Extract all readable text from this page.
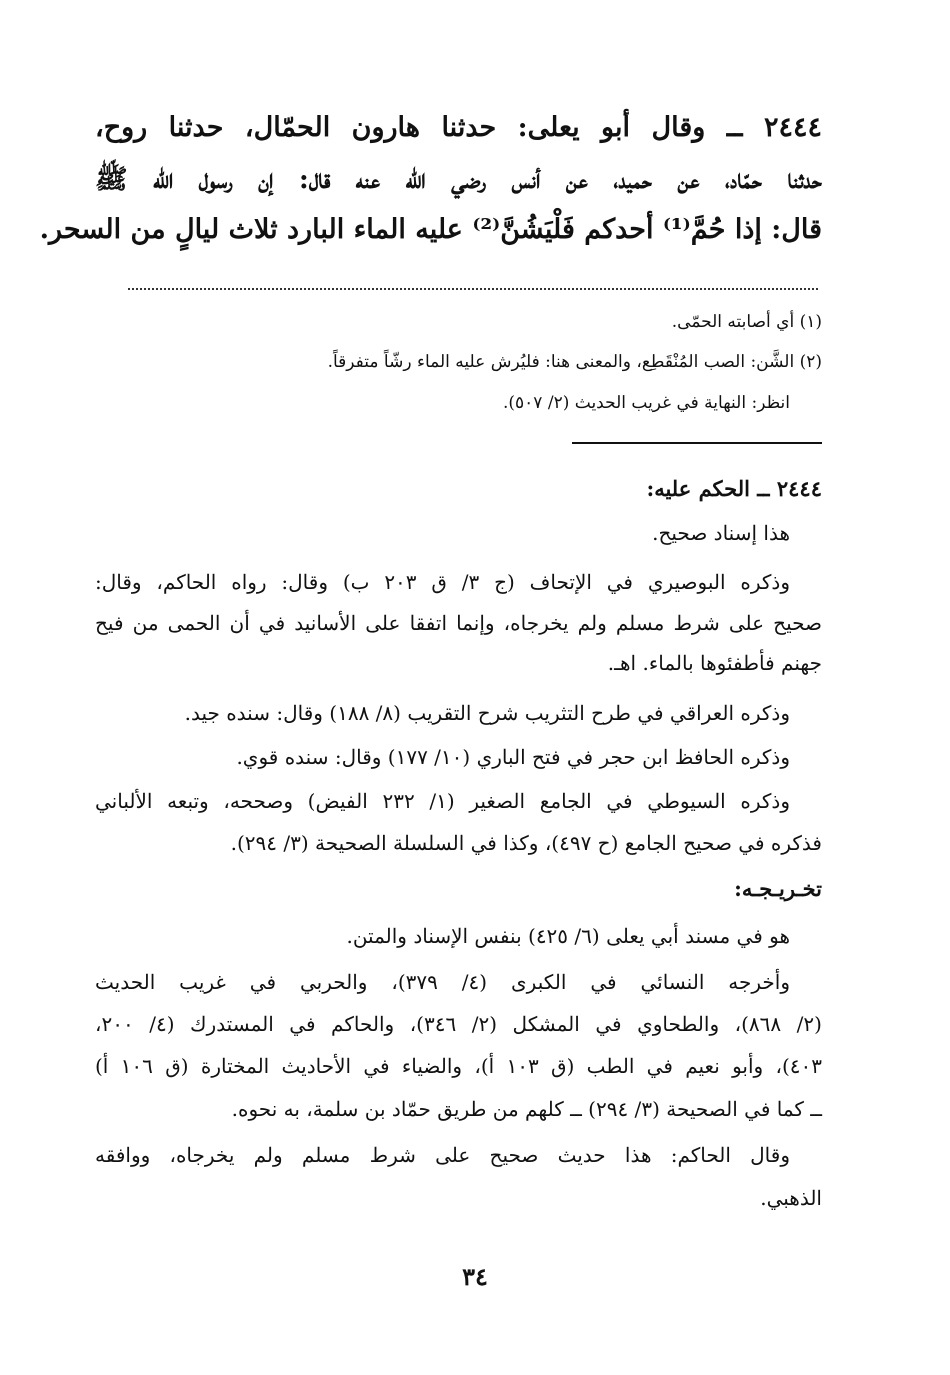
٢٤٤٤ ــ وقال أبو يعلى: حدثنا هارون الحمّال، حدثنا روح،
حدثنا حمّاد، عن حميد، عن أنس رضي الله عنه قال: إن رسول الله ﷺ
قال: إذا حُمَّ⁽¹⁾ أحدكم فَلْيَشُنَّ⁽²⁾ عليه الماء البارد ثلاث ليالٍ من السحر.
(١) أي أصابته الحمّى.
(٢) الشَّن: الصب المُنْقَطِع، والمعنى هنا: فليُرش عليه الماء رشّاً متفرقاً.
انظر: النهاية في غريب الحديث (٢/ ٥٠٧).
٢٤٤٤ ــ الحكم عليه:
هذا إسناد صحيح.
وذكره البوصيري في الإتحاف (ج ٣/ ق ٢٠٣ ب) وقال: رواه الحاكم، وقال:
صحيح على شرط مسلم ولم يخرجاه، وإنما اتفقا على الأسانيد في أن الحمى من فيح
جهنم فأطفئوها بالماء. اهـ.
وذكره العراقي في طرح التثريب شرح التقريب (٨/ ١٨٨) وقال: سنده جيد.
وذكره الحافظ ابن حجر في فتح الباري (١٠/ ١٧٧) وقال: سنده قوي.
وذكره السيوطي في الجامع الصغير (١/ ٢٣٢ الفيض) وصححه، وتبعه الألباني
فذكره في صحيح الجامع (ح ٤٩٧)، وكذا في السلسلة الصحيحة (٣/ ٢٩٤).
تخـريـجـه:
هو في مسند أبي يعلى (٦/ ٤٢٥) بنفس الإسناد والمتن.
وأخرجه النسائي في الكبرى (٤/ ٣٧٩)، والحربي في غريب الحديث
(٢/ ٨٦٨)، والطحاوي في المشكل (٢/ ٣٤٦)، والحاكم في المستدرك (٤/ ٢٠٠،
٤٠٣)، وأبو نعيم في الطب (ق ١٠٣ أ)، والضياء في الأحاديث المختارة (ق ١٠٦ أ)
ــ كما في الصحيحة (٣/ ٢٩٤) ــ كلهم من طريق حمّاد بن سلمة، به نحوه.
وقال الحاكم: هذا حديث صحيح على شرط مسلم ولم يخرجاه، ووافقه
الذهبي.
٣٤
